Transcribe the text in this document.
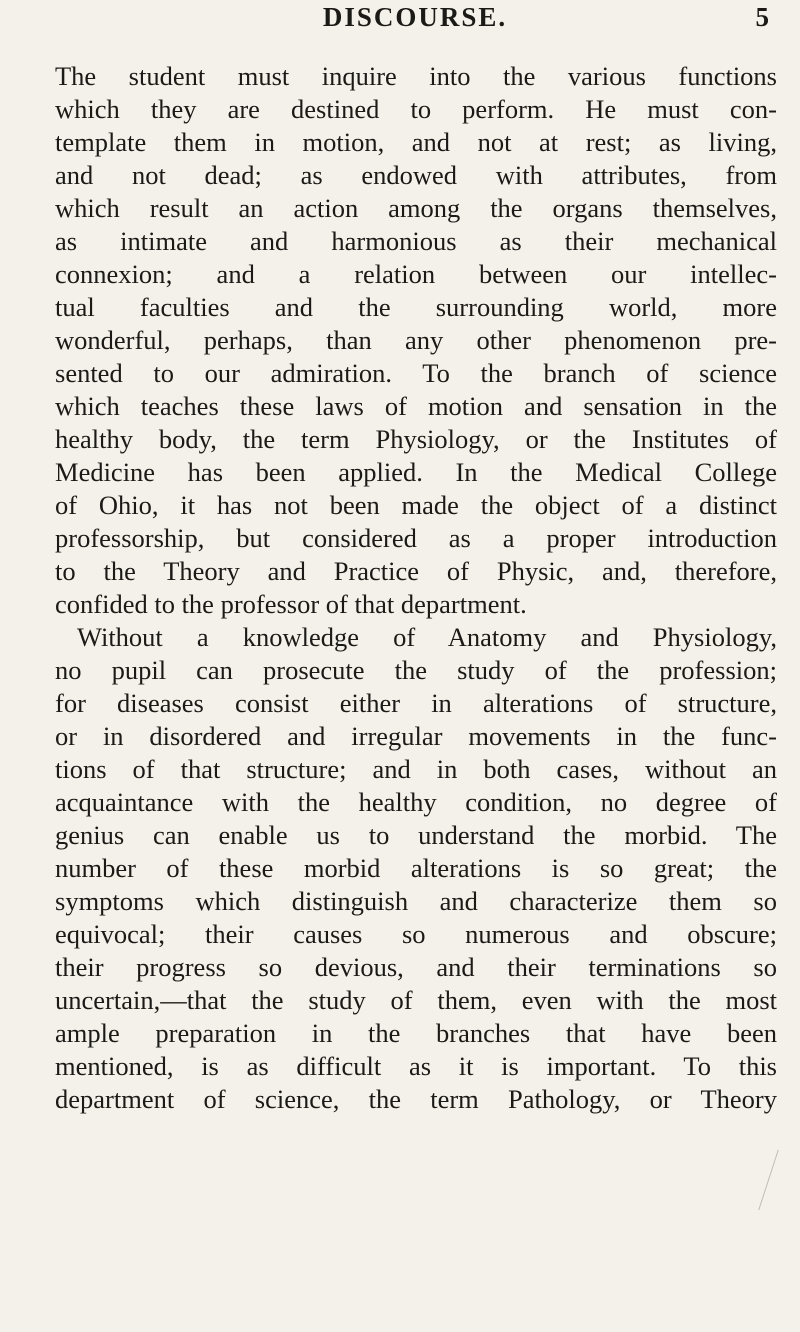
DISCOURSE.	5
The student must inquire into the various functions
which they are destined to perform. He must con-
template them in motion, and not at rest; as living,
and not dead; as endowed with attributes, from
which result an action among the organs themselves,
as intimate and harmonious as their mechanical
connexion; and a relation between our intellec-
tual faculties and the surrounding world, more
wonderful, perhaps, than any other phenomenon pre-
sented to our admiration. To the branch of science
which teaches these laws of motion and sensation in the
healthy body, the term Physiology, or the Institutes of
Medicine has been applied. In the Medical College
of Ohio, it has not been made the object of a distinct
professorship, but considered as a proper introduction
to the Theory and Practice of Physic, and, therefore,
confided to the professor of that department.
Without a knowledge of Anatomy and Physiology,
no pupil can prosecute the study of the profession;
for diseases consist either in alterations of structure,
or in disordered and irregular movements in the func-
tions of that structure; and in both cases, without an
acquaintance with the healthy condition, no degree of
genius can enable us to understand the morbid. The
number of these morbid alterations is so great; the
symptoms which distinguish and characterize them so
equivocal; their causes so numerous and obscure;
their progress so devious, and their terminations so
uncertain,—that the study of them, even with the most
ample preparation in the branches that have been
mentioned, is as difficult as it is important. To this
department of science, the term Pathology, or Theory
